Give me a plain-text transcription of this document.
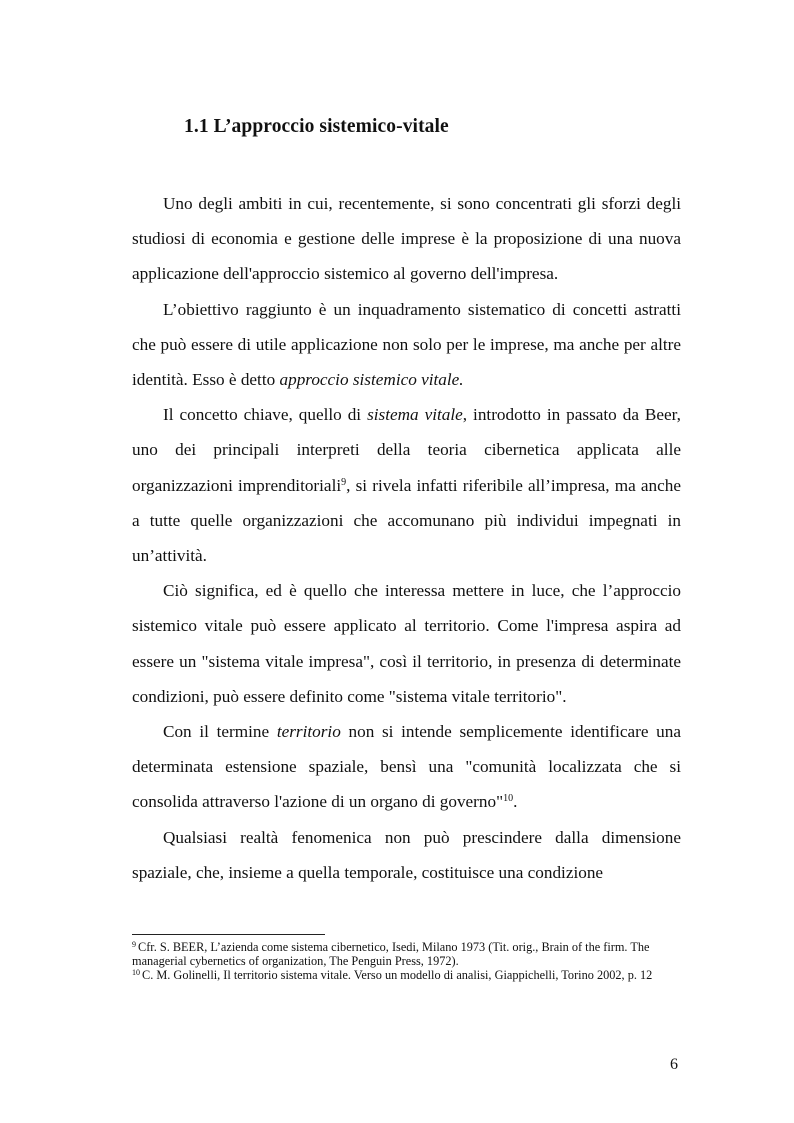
1.1 L’approccio sistemico-vitale

Uno degli ambiti in cui, recentemente, si sono concentrati gli sforzi degli studiosi di economia e gestione delle imprese è la proposizione di una nuova applicazione dell'approccio sistemico al governo dell'impresa.

L’obiettivo raggiunto è un inquadramento sistematico di concetti astratti che può essere di utile applicazione non solo per le imprese, ma anche per altre identità. Esso è detto approccio sistemico vitale.

Il concetto chiave, quello di sistema vitale, introdotto in passato da Beer, uno dei principali interpreti della teoria cibernetica applicata alle organizzazioni imprenditoriali$^9$, si rivela infatti riferibile all’impresa, ma anche a tutte quelle organizzazioni che accomunano più individui impegnati in un’attività.

Ciò significa, ed è quello che interessa mettere in luce, che l’approccio sistemico vitale può essere applicato al territorio. Come l'impresa aspira ad essere un "sistema vitale impresa", così il territorio, in presenza di determinate condizioni, può essere definito come "sistema vitale territorio".

Con il termine territorio non si intende semplicemente identificare una determinata estensione spaziale, bensì una "comunità localizzata che si consolida attraverso l'azione di un organo di governo"$^{10}$.

Qualsiasi realtà fenomenica non può prescindere dalla dimensione spaziale, che, insieme a quella temporale, costituisce una condizione

$^9$ Cfr. S. BEER, L’azienda come sistema cibernetico, Isedi, Milano 1973 (Tit. orig., Brain of the firm. The managerial cybernetics of organization, The Penguin Press, 1972).

$^{10}$ C. M. Golinelli, Il territorio sistema vitale. Verso un modello di analisi, Giappichelli, Torino 2002, p. 12

6
